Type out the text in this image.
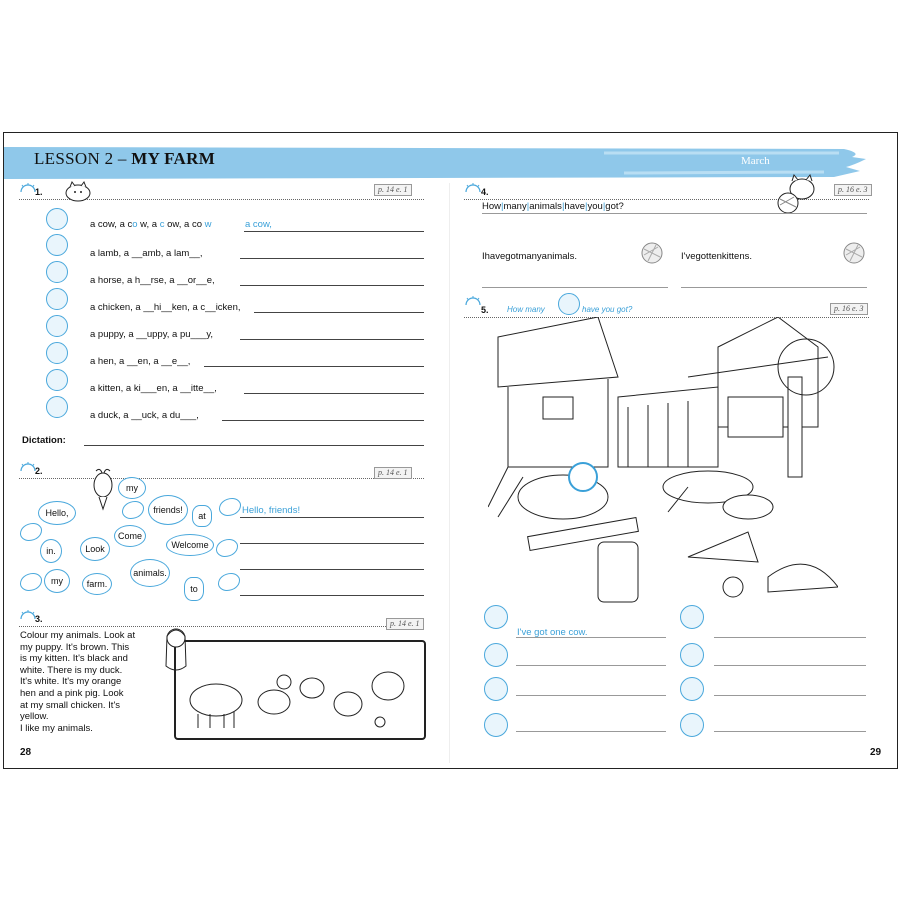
LESSON 2 – MY FARM	March
1.	p. 14 e. 1
a cow, a co w, a c ow, a co w	a cow,
a lamb, a __amb, a lam__,
a horse, a h__rse, a __or__e,
a chicken, a __hi__ken, a c__icken,
a puppy, a __uppy, a pu___y,
a hen, a __en, a __e__,
a kitten, a ki___en, a __itte__,
a duck, a __uck, a du___,
Dictation:
2.	p. 14 e. 1
Hello,
my
friends!
at
Come
Welcome
in.	Look
animals.
my	farm.	to
Hello, friends!
3.	p. 14 e. 1
Colour my animals. Look at
my puppy. It's brown. This
is my kitten. It's black and
white. There is my duck.
It's white. It's my orange
hen and a pink pig. Look
at my small chicken. It's
yellow.
I like my animals.
28
4.	p. 16 e. 3
How|many|animals|have|you|got?
Ihavegotmanyanimals.	I'vegottenkittens.
5. How many	have you got?	p. 16 e. 3
I've got one cow.
29
